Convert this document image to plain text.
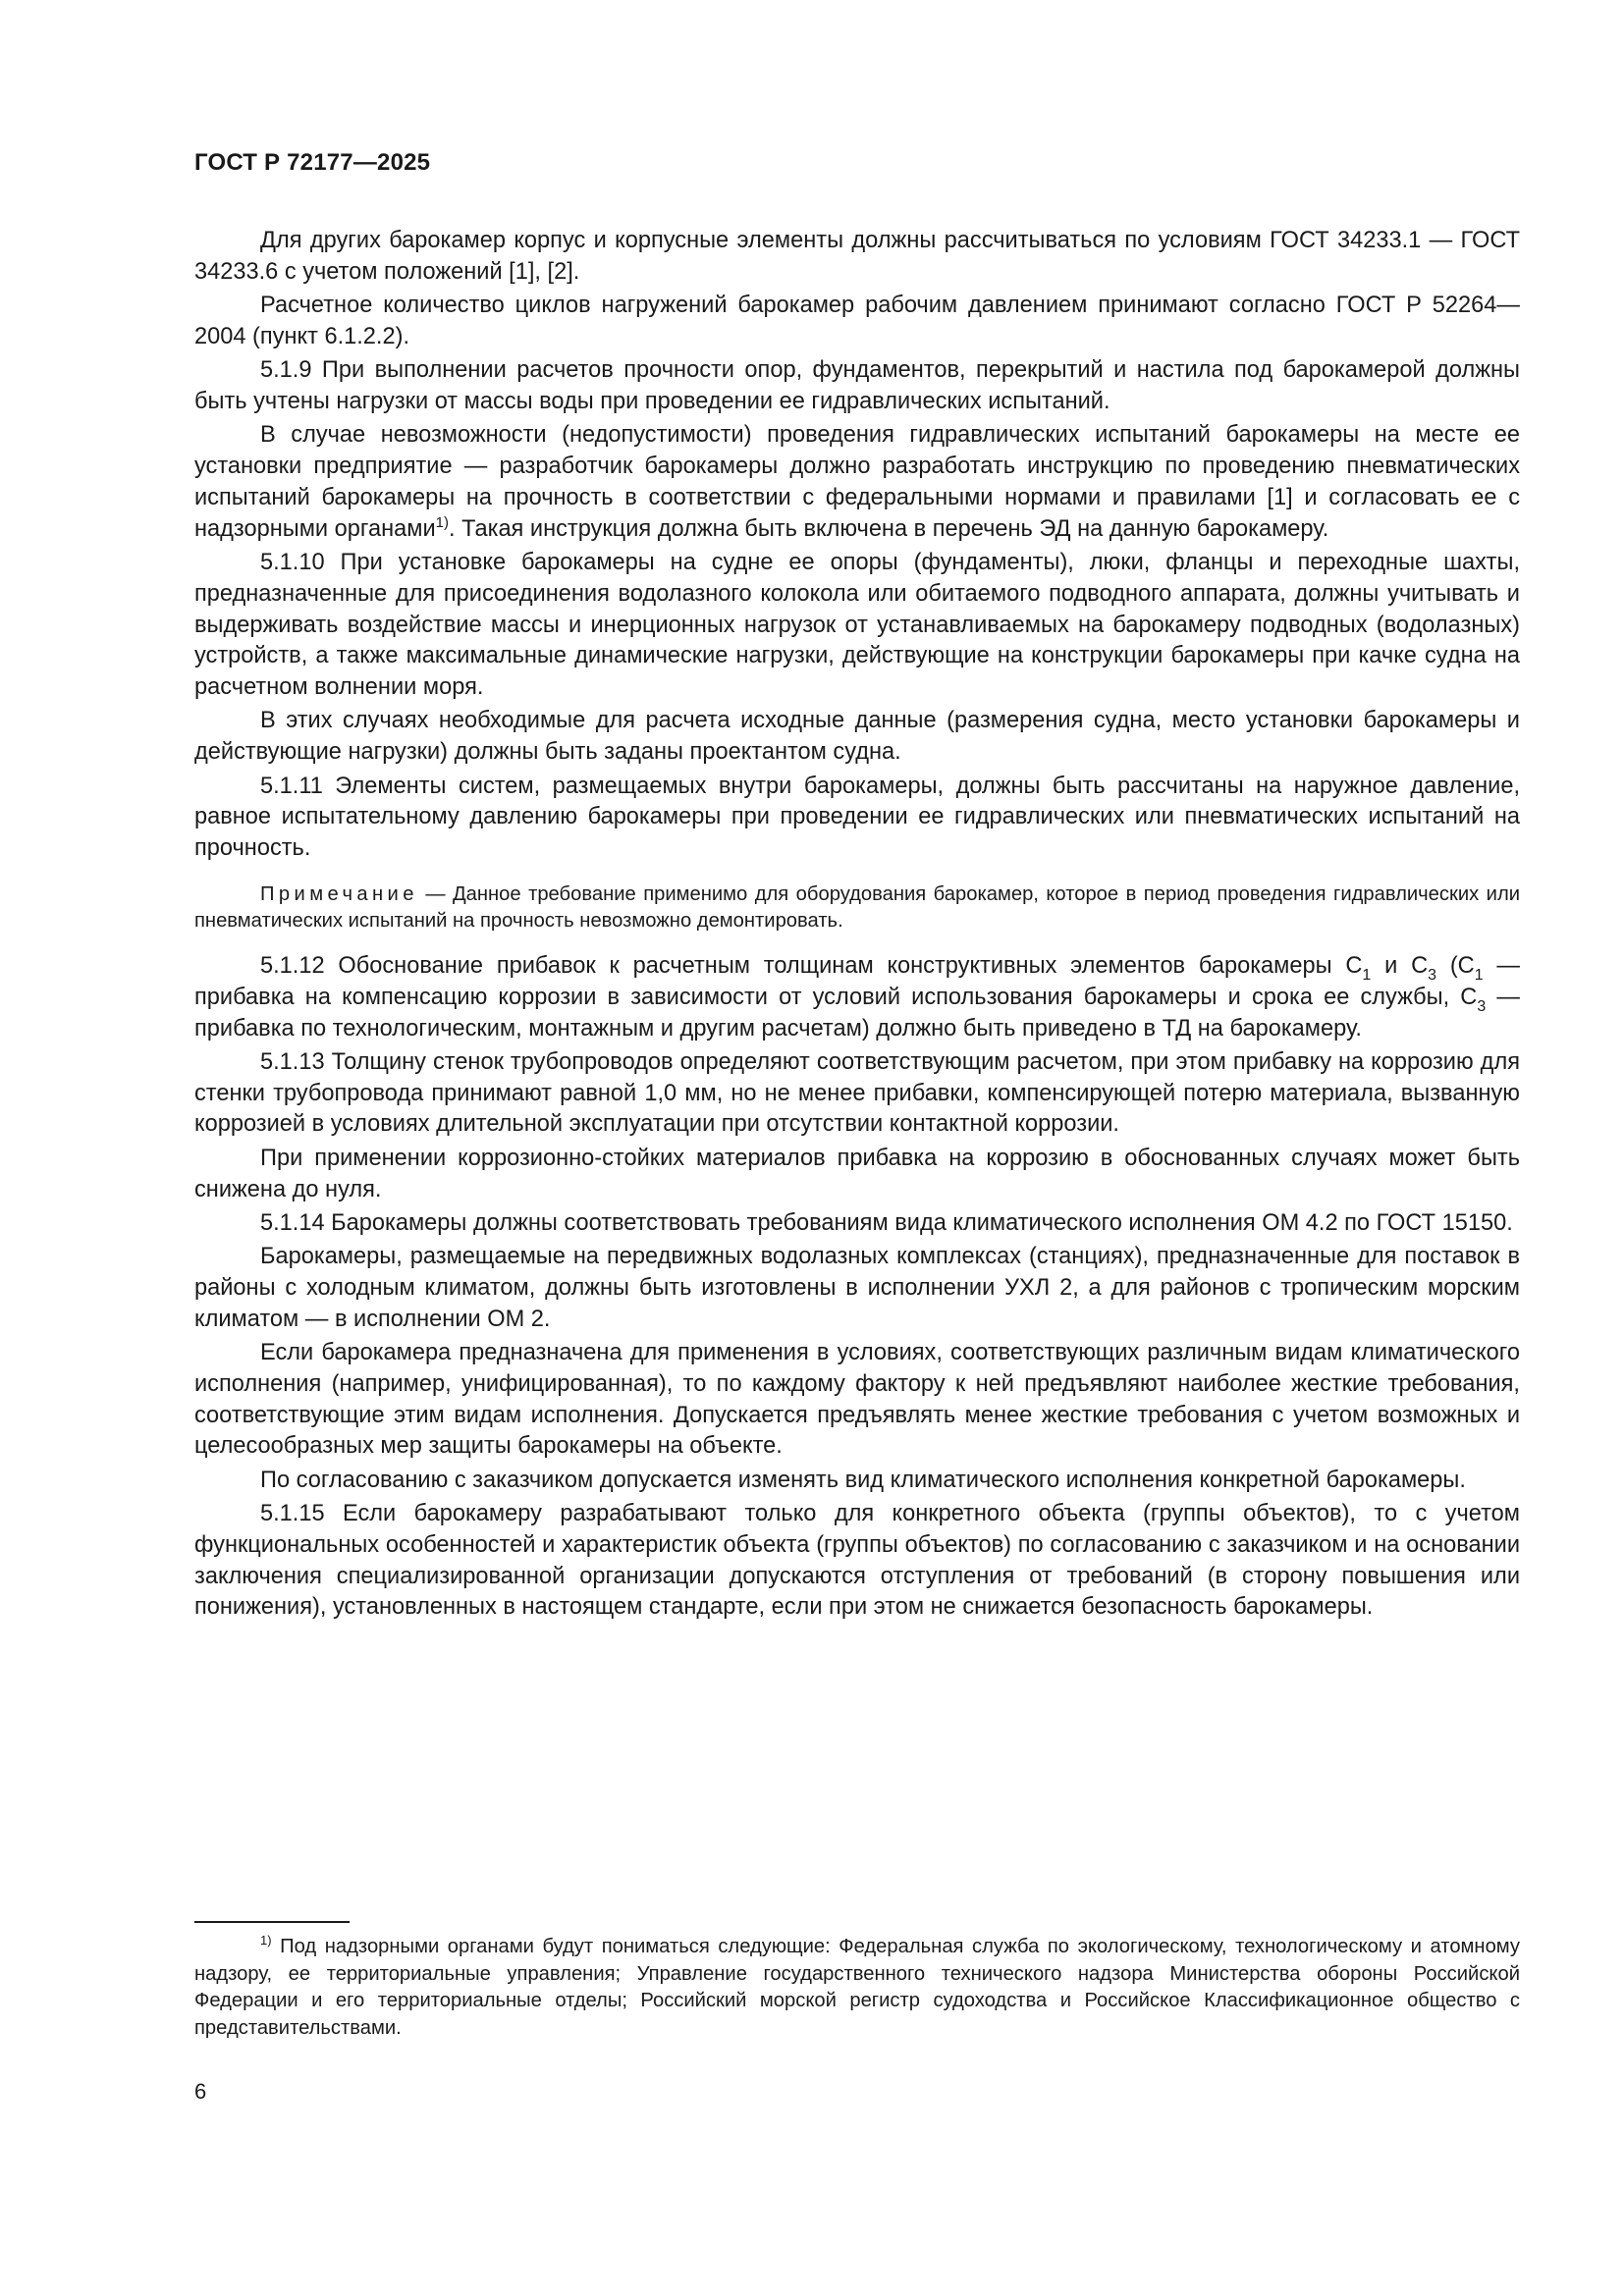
ГОСТ Р 72177—2025

Для других барокамер корпус и корпусные элементы должны рассчитываться по условиям ГОСТ 34233.1 — ГОСТ 34233.6 с учетом положений [1], [2].

Расчетное количество циклов нагружений барокамер рабочим давлением принимают согласно ГОСТ Р 52264—2004 (пункт 6.1.2.2).

5.1.9 При выполнении расчетов прочности опор, фундаментов, перекрытий и настила под барокамерой должны быть учтены нагрузки от массы воды при проведении ее гидравлических испытаний.

В случае невозможности (недопустимости) проведения гидравлических испытаний барокамеры на месте ее установки предприятие — разработчик барокамеры должно разработать инструкцию по проведению пневматических испытаний барокамеры на прочность в соответствии с федеральными нормами и правилами [1] и согласовать ее с надзорными органами$^{1)}$. Такая инструкция должна быть включена в перечень ЭД на данную барокамеру.

5.1.10 При установке барокамеры на судне ее опоры (фундаменты), люки, фланцы и переходные шахты, предназначенные для присоединения водолазного колокола или обитаемого подводного аппарата, должны учитывать и выдерживать воздействие массы и инерционных нагрузок от устанавливаемых на барокамеру подводных (водолазных) устройств, а также максимальные динамические нагрузки, действующие на конструкции барокамеры при качке судна на расчетном волнении моря.

В этих случаях необходимые для расчета исходные данные (размерения судна, место установки барокамеры и действующие нагрузки) должны быть заданы проектантом судна.

5.1.11 Элементы систем, размещаемых внутри барокамеры, должны быть рассчитаны на наружное давление, равное испытательному давлению барокамеры при проведении ее гидравлических или пневматических испытаний на прочность.

Примечание — Данное требование применимо для оборудования барокамер, которое в период проведения гидравлических или пневматических испытаний на прочность невозможно демонтировать.

5.1.12 Обоснование прибавок к расчетным толщинам конструктивных элементов барокамеры $С_1$ и $С_3$ ($С_1$ — прибавка на компенсацию коррозии в зависимости от условий использования барокамеры и срока ее службы, $С_3$ — прибавка по технологическим, монтажным и другим расчетам) должно быть приведено в ТД на барокамеру.

5.1.13 Толщину стенок трубопроводов определяют соответствующим расчетом, при этом прибавку на коррозию для стенки трубопровода принимают равной 1,0 мм, но не менее прибавки, компенсирующей потерю материала, вызванную коррозией в условиях длительной эксплуатации при отсутствии контактной коррозии.

При применении коррозионно-стойких материалов прибавка на коррозию в обоснованных случаях может быть снижена до нуля.

5.1.14 Барокамеры должны соответствовать требованиям вида климатического исполнения ОМ 4.2 по ГОСТ 15150.

Барокамеры, размещаемые на передвижных водолазных комплексах (станциях), предназначенные для поставок в районы с холодным климатом, должны быть изготовлены в исполнении УХЛ 2, а для районов с тропическим морским климатом — в исполнении ОМ 2.

Если барокамера предназначена для применения в условиях, соответствующих различным видам климатического исполнения (например, унифицированная), то по каждому фактору к ней предъявляют наиболее жесткие требования, соответствующие этим видам исполнения. Допускается предъявлять менее жесткие требования с учетом возможных и целесообразных мер защиты барокамеры на объекте.

По согласованию с заказчиком допускается изменять вид климатического исполнения конкретной барокамеры.

5.1.15 Если барокамеру разрабатывают только для конкретного объекта (группы объектов), то с учетом функциональных особенностей и характеристик объекта (группы объектов) по согласованию с заказчиком и на основании заключения специализированной организации допускаются отступления от требований (в сторону повышения или понижения), установленных в настоящем стандарте, если при этом не снижается безопасность барокамеры.

$^{1)}$ Под надзорными органами будут пониматься следующие: Федеральная служба по экологическому, технологическому и атомному надзору, ее территориальные управления; Управление государственного технического надзора Министерства обороны Российской Федерации и его территориальные отделы; Российский морской регистр судоходства и Российское Классификационное общество с представительствами.

6
